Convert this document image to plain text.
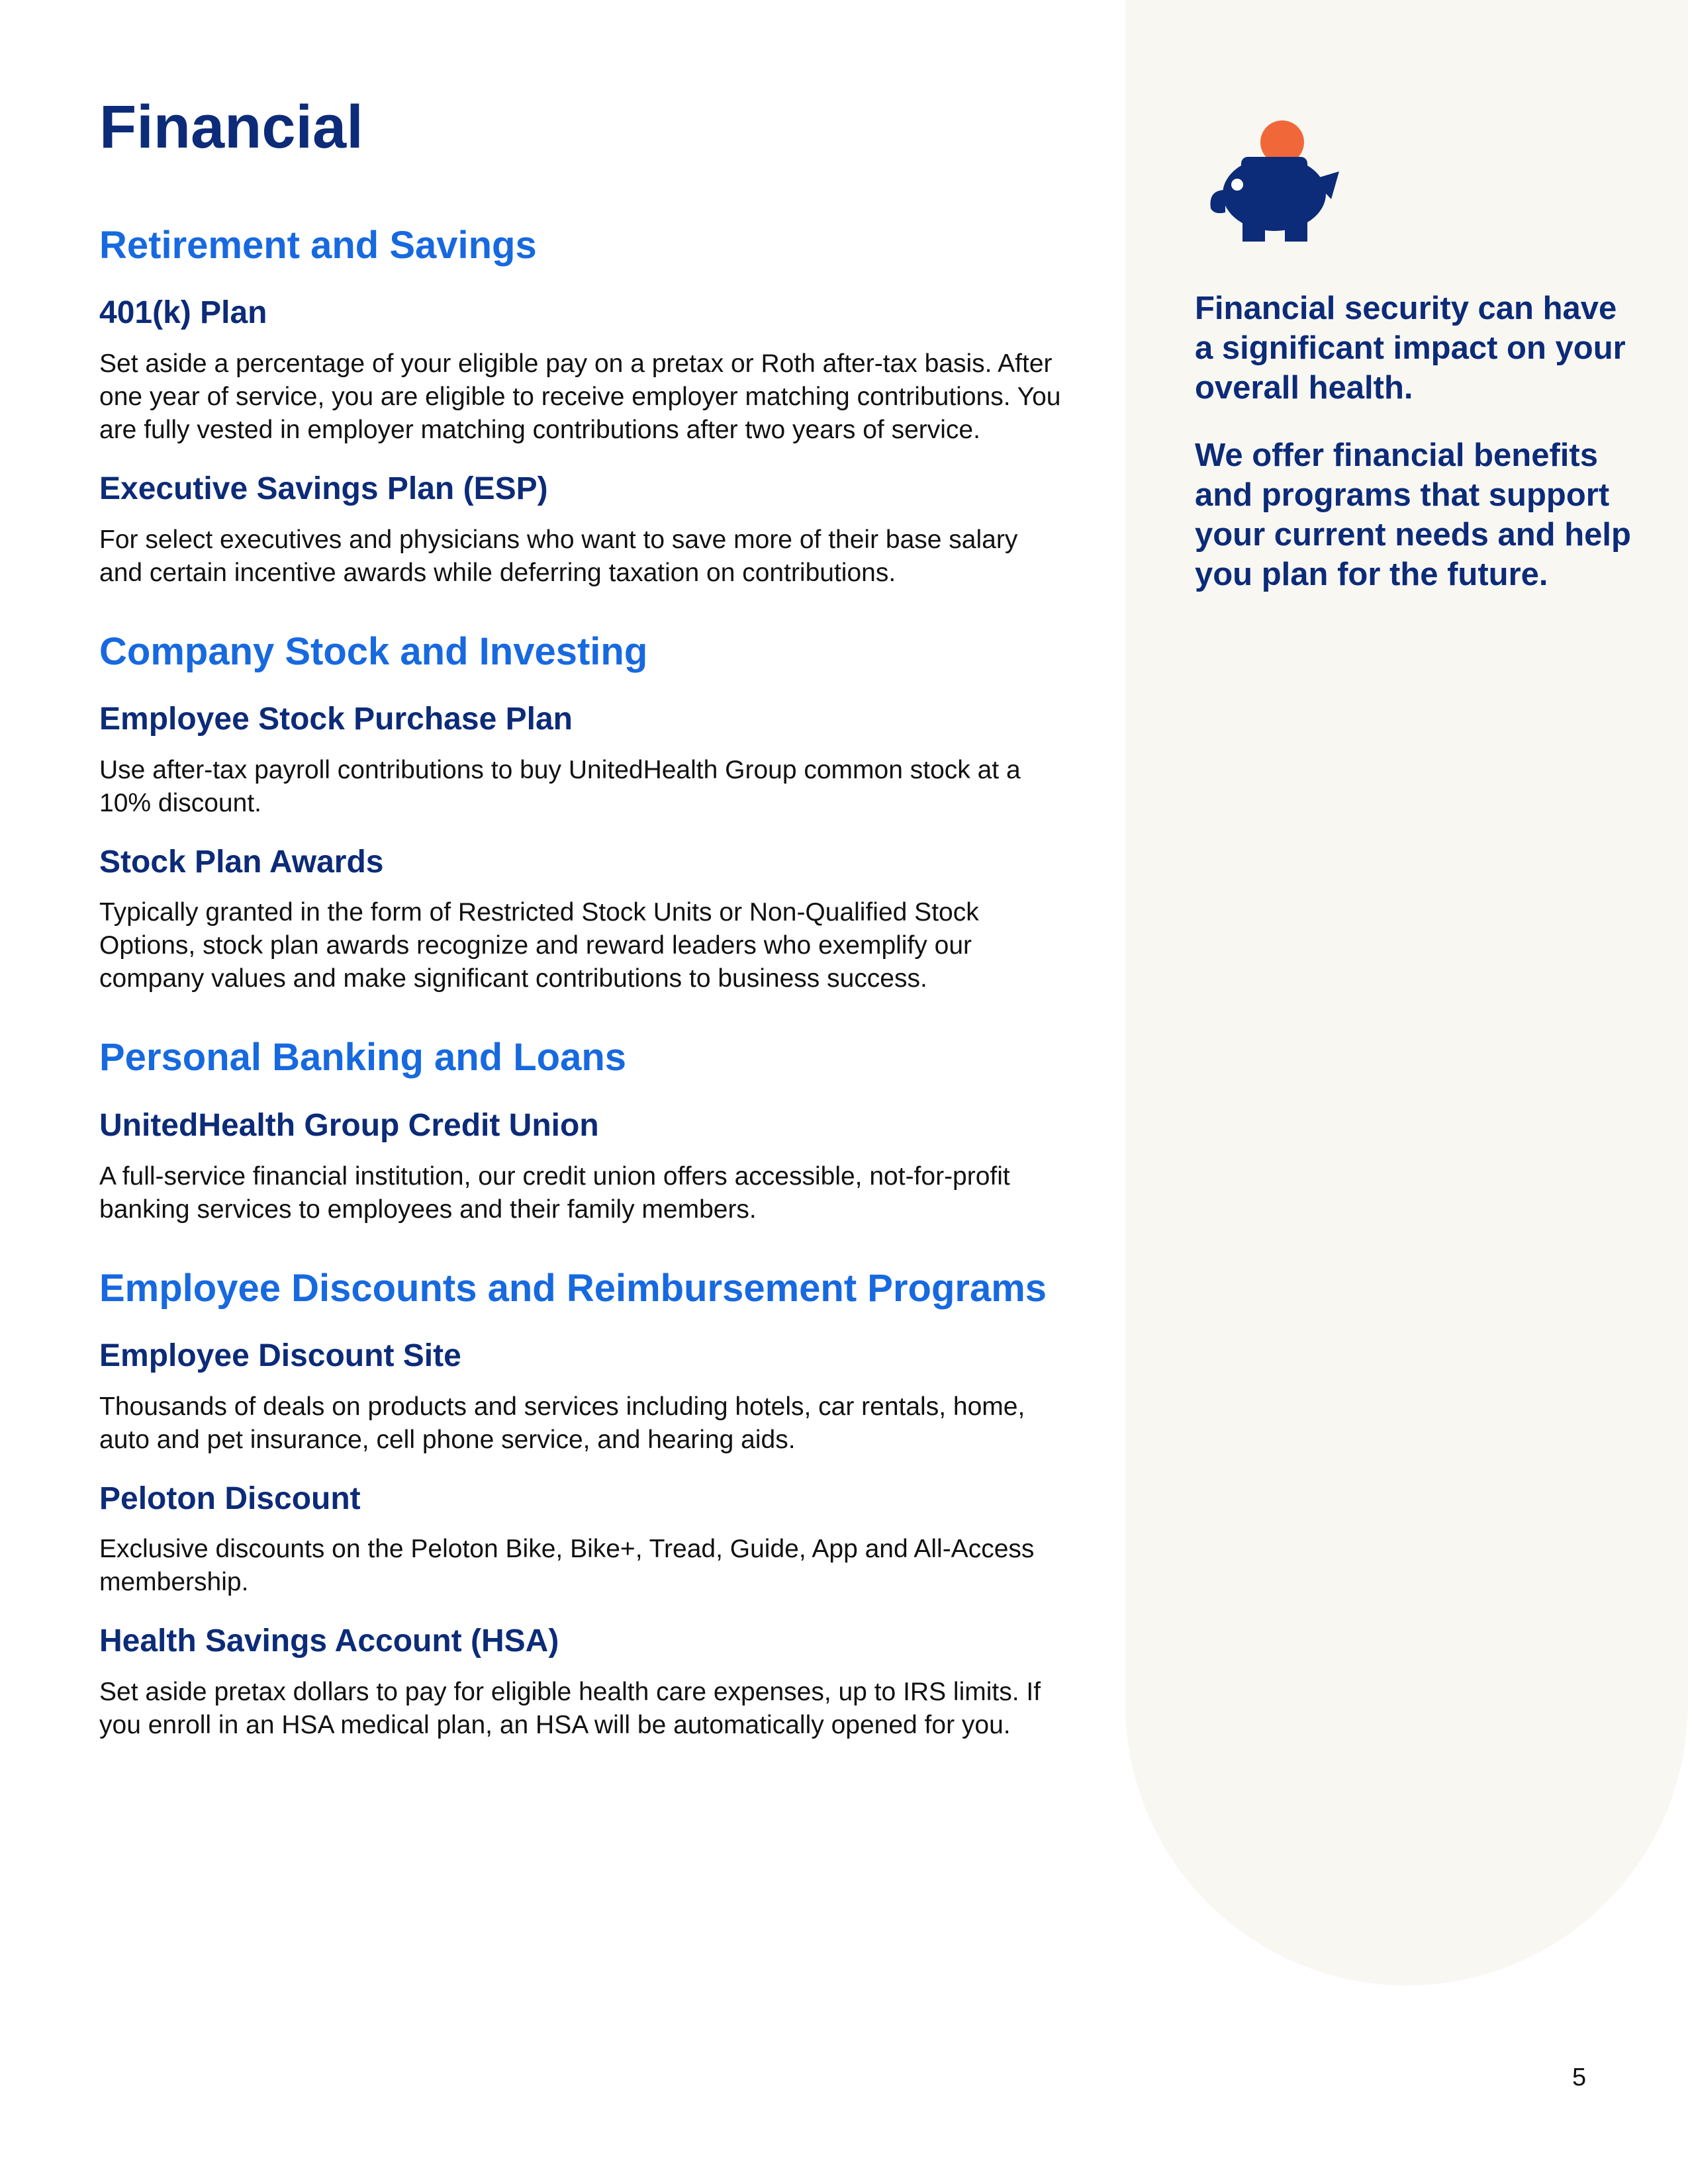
Financial security can have a significant impact on your overall health.

We offer financial benefits and programs that support your current needs and help you plan for the future.

Financial
Retirement and Savings
401(k) Plan

Set aside a percentage of your eligible pay on a pretax or Roth after-tax basis. After one year of service, you are eligible to receive employer matching contributions. You are fully vested in employer matching contributions after two years of service.

Executive Savings Plan (ESP)

For select executives and physicians who want to save more of their base salary and certain incentive awards while deferring taxation on contributions.

Company Stock and Investing
Employee Stock Purchase Plan

Use after-tax payroll contributions to buy UnitedHealth Group common stock at a 10% discount.

Stock Plan Awards

Typically granted in the form of Restricted Stock Units or Non-Qualified Stock Options, stock plan awards recognize and reward leaders who exemplify our company values and make significant contributions to business success.

Personal Banking and Loans
UnitedHealth Group Credit Union

A full-service financial institution, our credit union offers accessible, not-for-profit banking services to employees and their family members.

Employee Discounts and Reimbursement Programs
Employee Discount Site

Thousands of deals on products and services including hotels, car rentals, home, auto and pet insurance, cell phone service, and hearing aids.

Peloton Discount

Exclusive discounts on the Peloton Bike, Bike+, Tread, Guide, App and All-Access membership.

Health Savings Account (HSA)

Set aside pretax dollars to pay for eligible health care expenses, up to IRS limits. If you enroll in an HSA medical plan, an HSA will be automatically opened for you.

5
